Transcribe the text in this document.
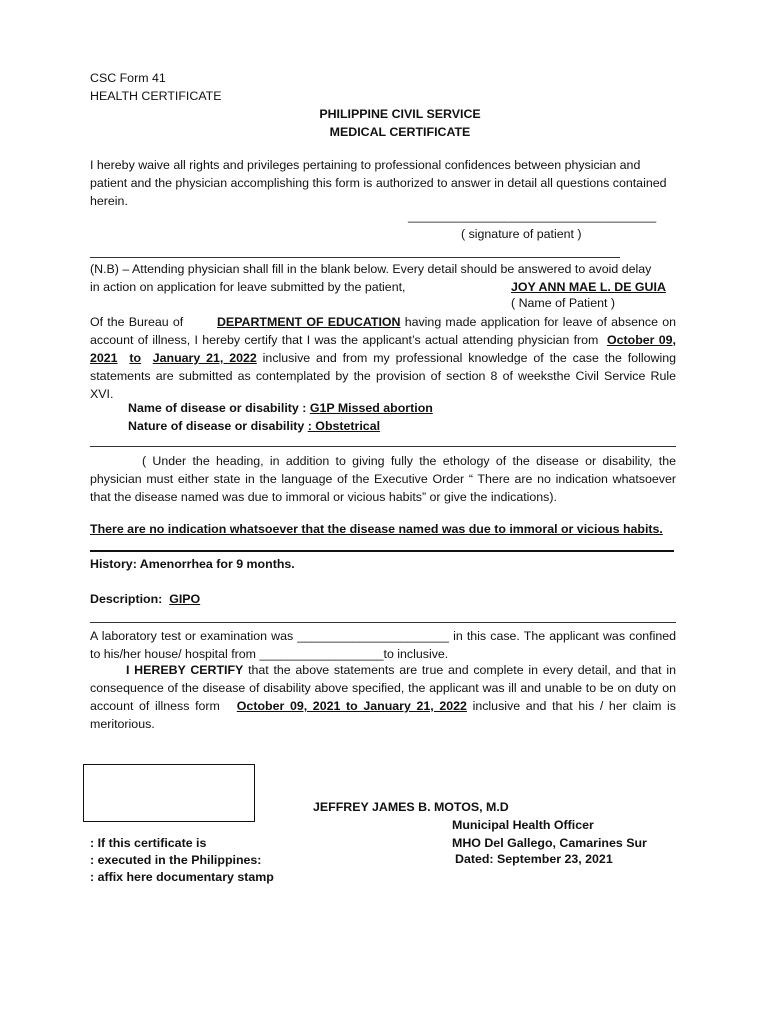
CSC Form 41
HEALTH CERTIFICATE
PHILIPPINE CIVIL SERVICE
MEDICAL CERTIFICATE
I hereby waive all rights and privileges pertaining to professional confidences between physician and patient and the physician accomplishing this form is authorized to answer in detail all questions contained herein.
____________________________________
( signature of patient )
(N.B) – Attending physician shall fill in the blank below. Every detail should be answered to avoid delay
in action on application for leave submitted by the patient,	JOY ANN MAE L. DE GUIA
( Name of Patient )
Of the Bureau of	DEPARTMENT OF EDUCATION having made application for leave of absence on account of illness, I hereby certify that I was the applicant’s actual attending physician from October 09, 2021 to January 21, 2022 inclusive and from my professional knowledge of the case the following statements are submitted as contemplated by the provision of section 8 of weeksthe Civil Service Rule XVI.
Name of disease or disability : G1P Missed abortion
Nature of disease or disability : Obstetrical
( Under the heading, in addition to giving fully the ethology of the disease or disability, the physician must either state in the language of the Executive Order “ There are no indication whatsoever that the disease named was due to immoral or vicious habits” or give the indications).
There are no indication whatsoever that the disease named was due to immoral or vicious habits.
History: Amenorrhea for 9 months.
Description: GIPO
A laboratory test or examination was ______________________ in this case. The applicant was confined to his/her house/ hospital from __________________to inclusive.
I HEREBY CERTIFY that the above statements are true and complete in every detail, and that in consequence of the disease of disability above specified, the applicant was ill and unable to be on duty on account of illness form October 09, 2021 to January 21, 2022 inclusive and that his / her claim is meritorious.
: If this certificate is
: executed in the Philippines:
: affix here documentary stamp
JEFFREY JAMES B. MOTOS, M.D
Municipal Health Officer
MHO Del Gallego, Camarines Sur
Dated: September 23, 2021
